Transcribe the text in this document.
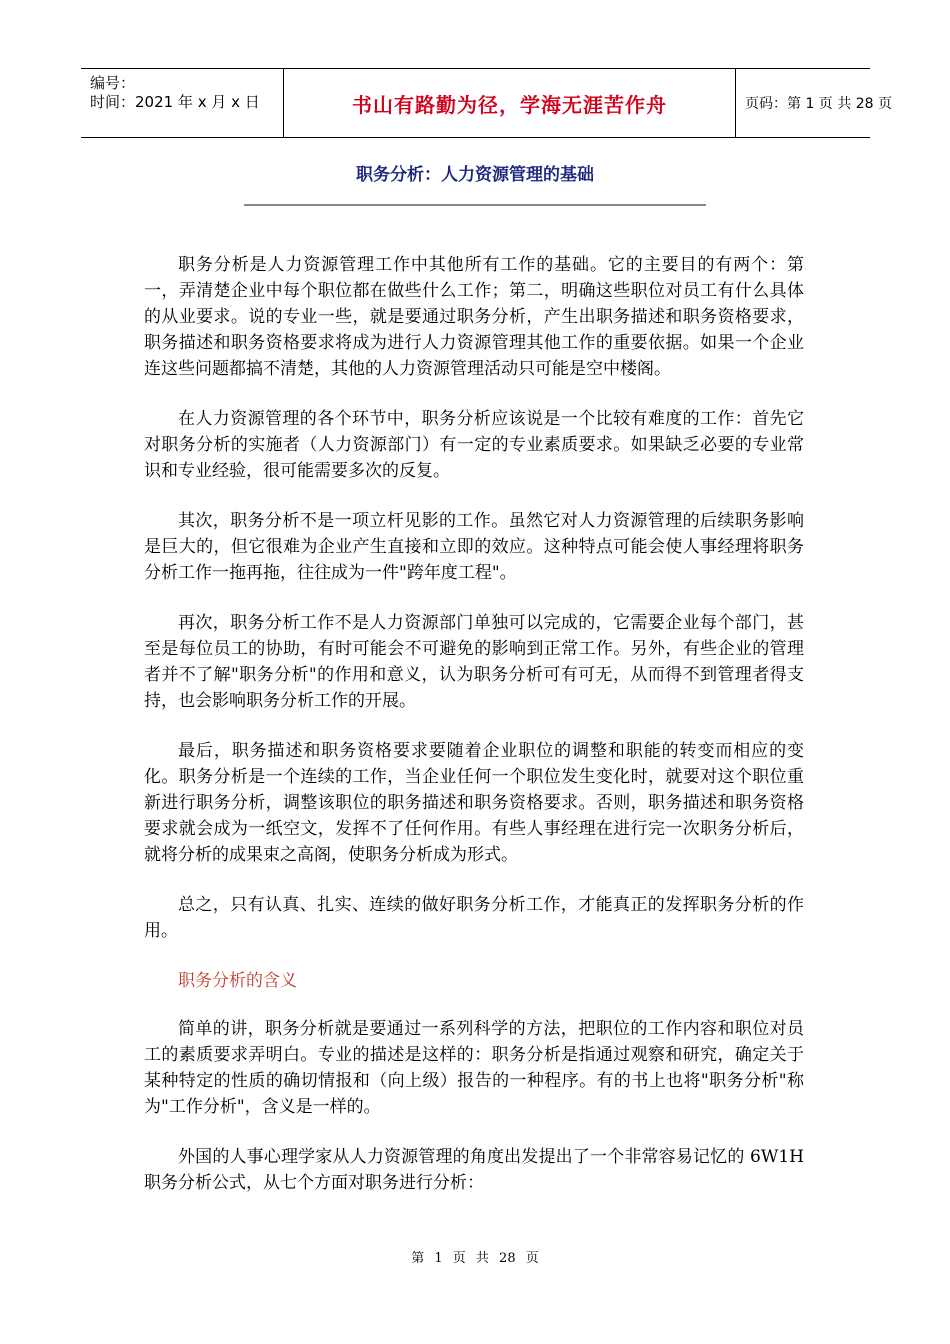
编号：
时间：2021 年 x 月 x 日	书山有路勤为径，学海无涯苦作舟	页码：第 1 页 共 28 页
职务分析：人力资源管理的基础

职务分析是人力资源管理工作中其他所有工作的基础。它的主要目的有两个：第一，弄清楚企业中每个职位都在做些什么工作；第二，明确这些职位对员工有什么具体的从业要求。说的专业一些，就是要通过职务分析，产生出职务描述和职务资格要求，职务描述和职务资格要求将成为进行人力资源管理其他工作的重要依据。如果一个企业连这些问题都搞不清楚，其他的人力资源管理活动只可能是空中楼阁。

在人力资源管理的各个环节中，职务分析应该说是一个比较有难度的工作：首先它对职务分析的实施者（人力资源部门）有一定的专业素质要求。如果缺乏必要的专业常识和专业经验，很可能需要多次的反复。

其次，职务分析不是一项立杆见影的工作。虽然它对人力资源管理的后续职务影响是巨大的，但它很难为企业产生直接和立即的效应。这种特点可能会使人事经理将职务分析工作一拖再拖，往往成为一件"跨年度工程"。

再次，职务分析工作不是人力资源部门单独可以完成的，它需要企业每个部门，甚至是每位员工的协助，有时可能会不可避免的影响到正常工作。另外，有些企业的管理者并不了解"职务分析"的作用和意义，认为职务分析可有可无，从而得不到管理者得支持，也会影响职务分析工作的开展。

最后，职务描述和职务资格要求要随着企业职位的调整和职能的转变而相应的变化。职务分析是一个连续的工作，当企业任何一个职位发生变化时，就要对这个职位重新进行职务分析，调整该职位的职务描述和职务资格要求。否则，职务描述和职务资格要求就会成为一纸空文，发挥不了任何作用。有些人事经理在进行完一次职务分析后，就将分析的成果束之高阁，使职务分析成为形式。

总之，只有认真、扎实、连续的做好职务分析工作，才能真正的发挥职务分析的作用。

职务分析的含义

简单的讲，职务分析就是要通过一系列科学的方法，把职位的工作内容和职位对员工的素质要求弄明白。专业的描述是这样的：职务分析是指通过观察和研究，确定关于某种特定的性质的确切情报和（向上级）报告的一种程序。有的书上也将"职务分析"称为"工作分析"，含义是一样的。

外国的人事心理学家从人力资源管理的角度出发提出了一个非常容易记忆的 6W1H 职务分析公式，从七个方面对职务进行分析：

第 1 页 共 28 页
